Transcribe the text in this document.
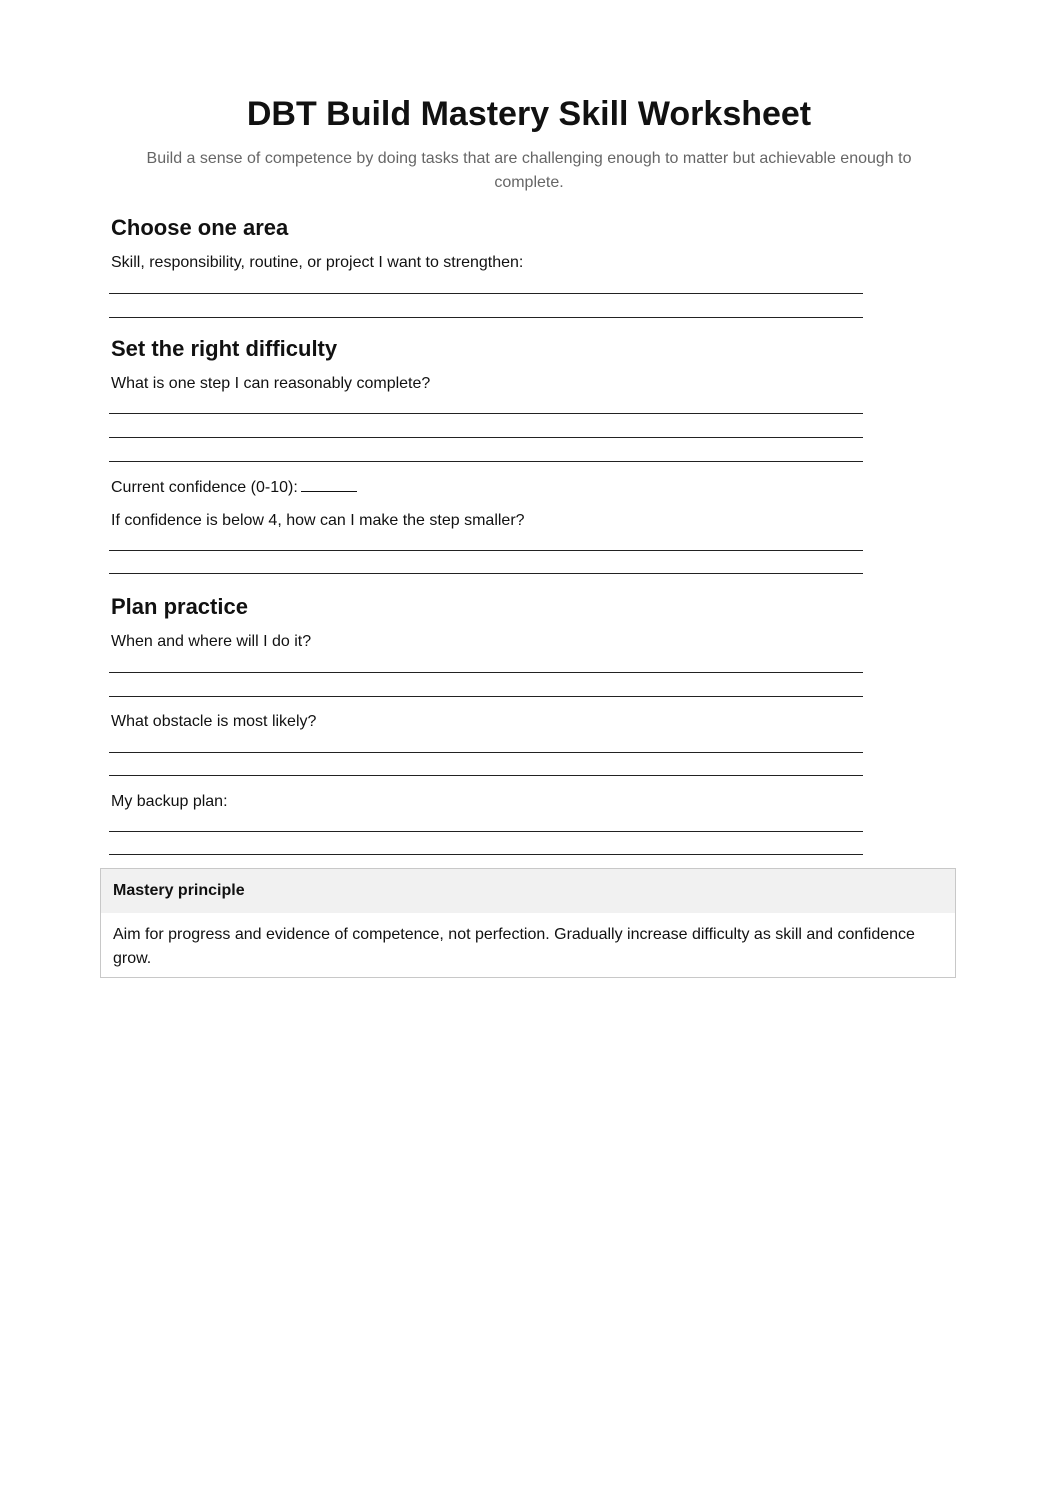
DBT Build Mastery Skill Worksheet
Build a sense of competence by doing tasks that are challenging enough to matter but achievable enough to complete.
Choose one area
Skill, responsibility, routine, or project I want to strengthen:
Set the right difficulty
What is one step I can reasonably complete?
Current confidence (0-10):
If confidence is below 4, how can I make the step smaller?
Plan practice
When and where will I do it?
What obstacle is most likely?
My backup plan:
Mastery principle
Aim for progress and evidence of competence, not perfection. Gradually increase difficulty as skill and confidence grow.
